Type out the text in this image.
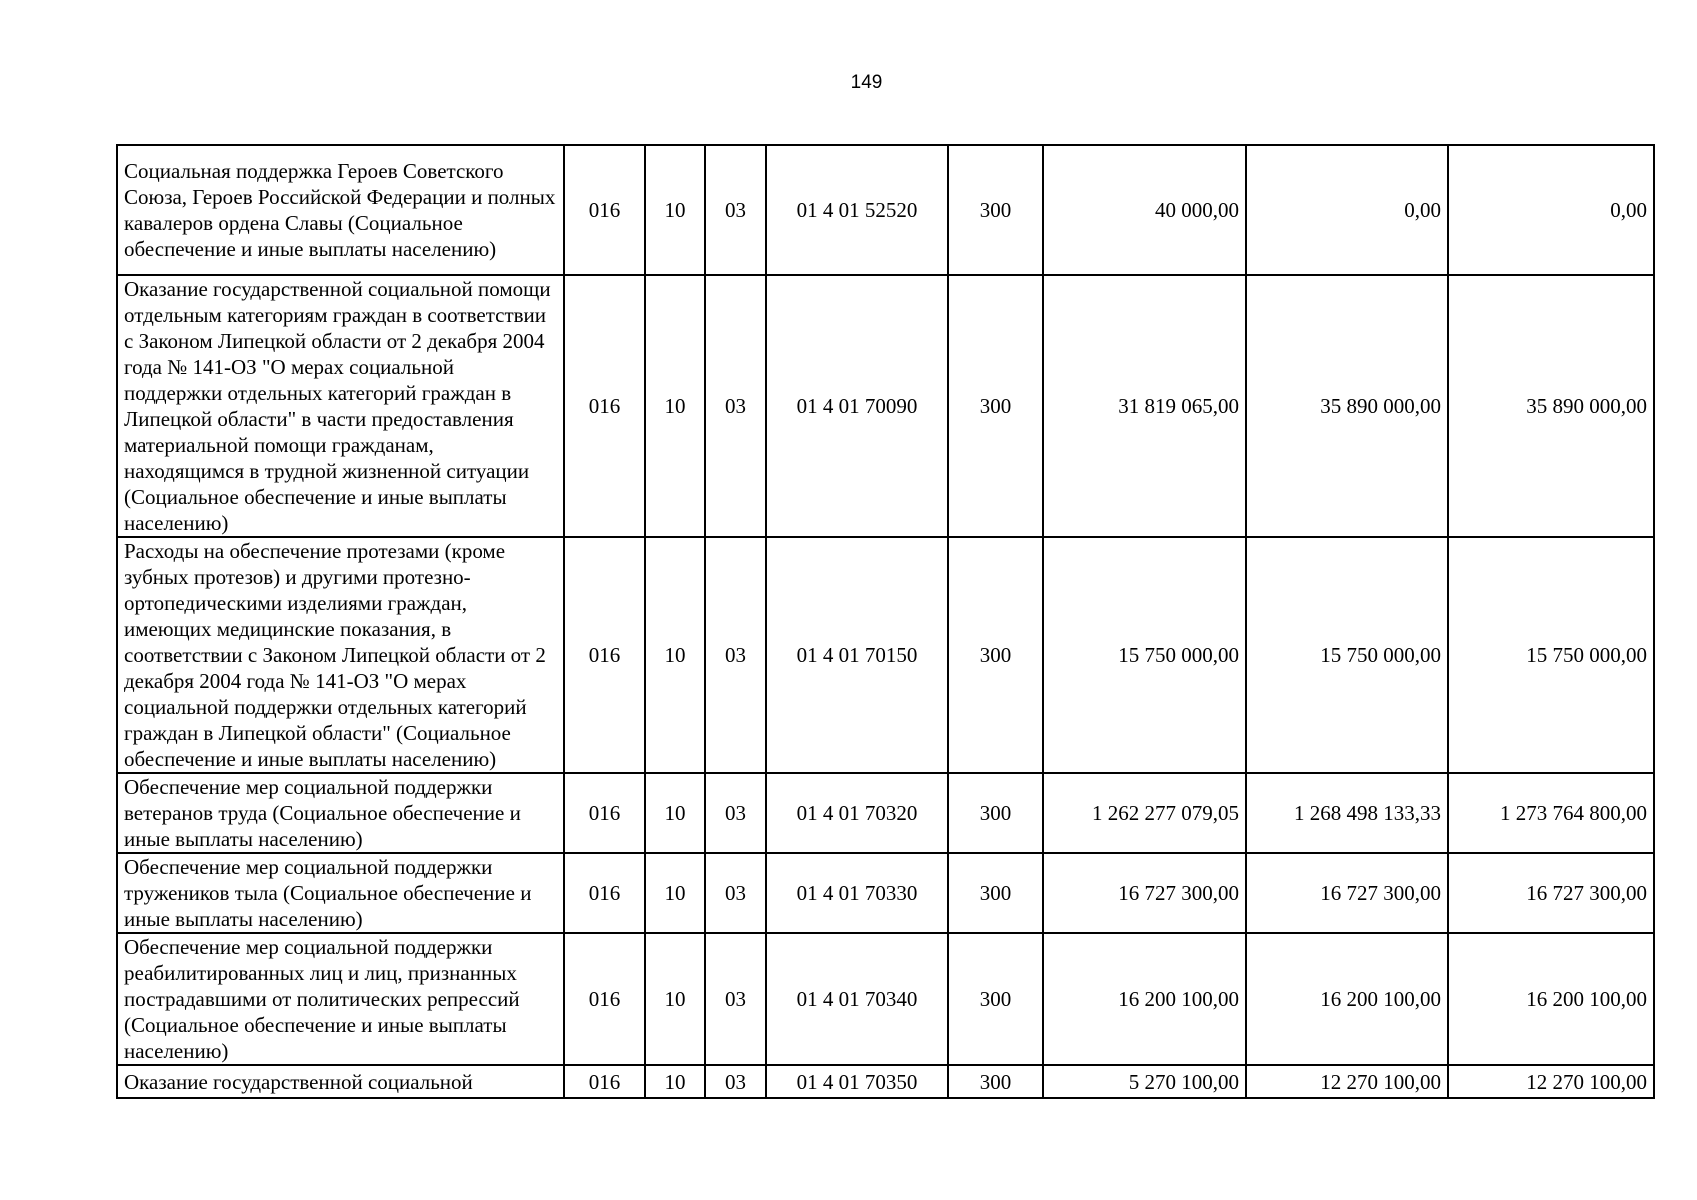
149
Социальная поддержка Героев Советского Союза, Героев Российской Федерации и полных кавалеров ордена Славы (Социальное обеспечение и иные выплаты населению)	016	10	03	01 4 01 52520	300	40 000,00	0,00	0,00
Оказание государственной социальной помощи отдельным категориям граждан в соответствии с Законом Липецкой области от 2 декабря 2004 года № 141-ОЗ "О мерах социальной поддержки отдельных категорий граждан в Липецкой области" в части предоставления материальной помощи гражданам, находящимся в трудной жизненной ситуации (Социальное обеспечение и иные выплаты населению)	016	10	03	01 4 01 70090	300	31 819 065,00	35 890 000,00	35 890 000,00
Расходы на обеспечение протезами (кроме зубных протезов) и другими протезно-ортопедическими изделиями граждан, имеющих медицинские показания, в соответствии с Законом Липецкой области от 2 декабря 2004 года № 141-ОЗ "О мерах социальной поддержки отдельных категорий граждан в Липецкой области" (Социальное обеспечение и иные выплаты населению)	016	10	03	01 4 01 70150	300	15 750 000,00	15 750 000,00	15 750 000,00
Обеспечение мер социальной поддержки ветеранов труда (Социальное обеспечение и иные выплаты населению)	016	10	03	01 4 01 70320	300	1 262 277 079,05	1 268 498 133,33	1 273 764 800,00
Обеспечение мер социальной поддержки тружеников тыла (Социальное обеспечение и иные выплаты населению)	016	10	03	01 4 01 70330	300	16 727 300,00	16 727 300,00	16 727 300,00
Обеспечение мер социальной поддержки реабилитированных лиц и лиц, признанных пострадавшими от политических репрессий (Социальное обеспечение и иные выплаты населению)	016	10	03	01 4 01 70340	300	16 200 100,00	16 200 100,00	16 200 100,00
Оказание государственной социальной	016	10	03	01 4 01 70350	300	5 270 100,00	12 270 100,00	12 270 100,00
